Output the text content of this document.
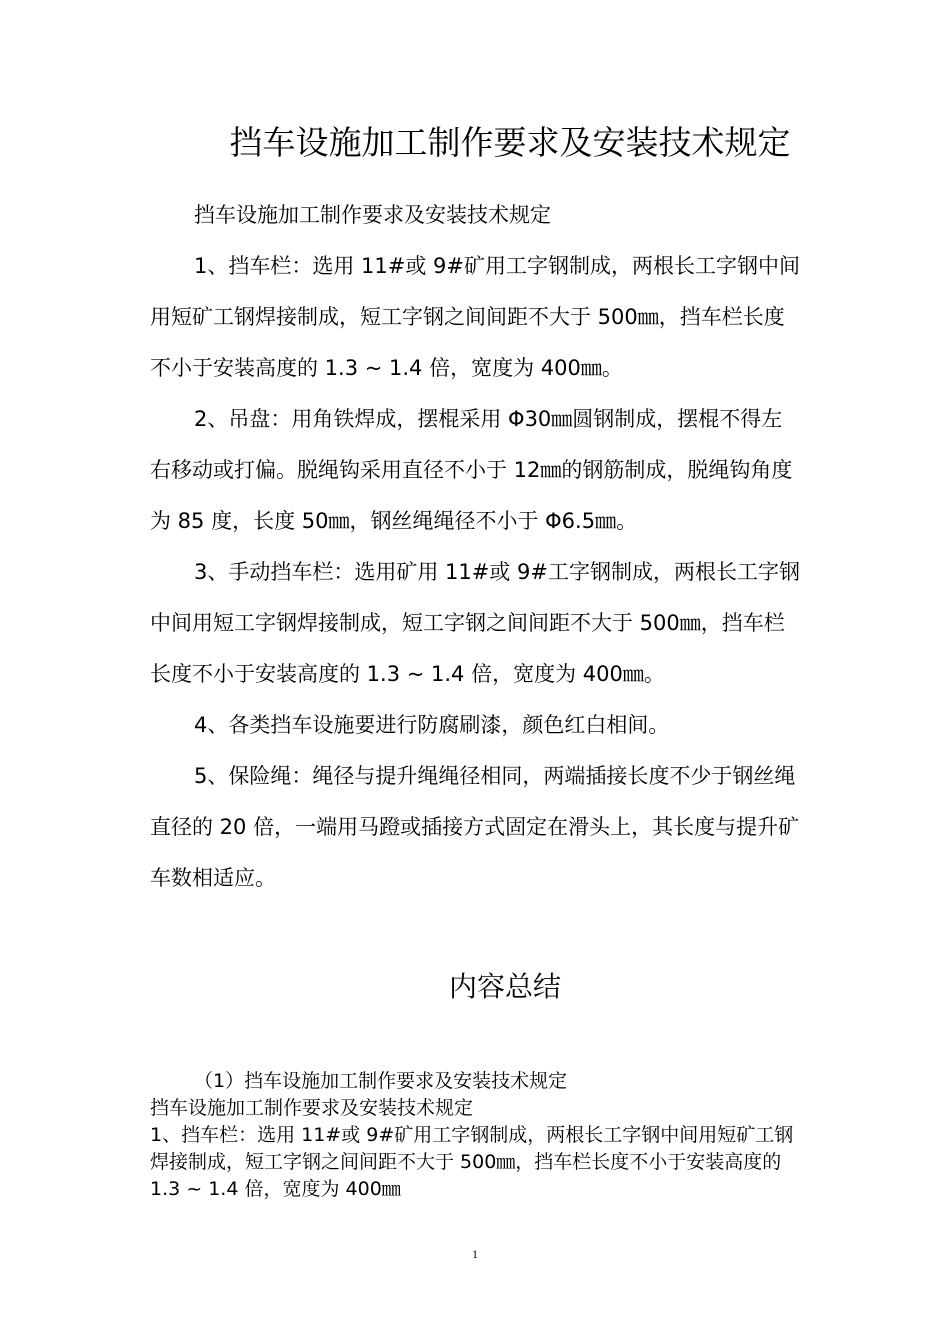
挡车设施加工制作要求及安装技术规定

挡车设施加工制作要求及安装技术规定

1、挡车栏：选用 11#或 9#矿用工字钢制成，两根长工字钢中间用短矿工钢焊接制成，短工字钢之间间距不大于 500㎜，挡车栏长度不小于安装高度的 1.3 ~ 1.4 倍，宽度为 400㎜。

2、吊盘：用角铁焊成，摆棍采用 Φ30㎜圆钢制成，摆棍不得左右移动或打偏。脱绳钩采用直径不小于 12㎜的钢筋制成，脱绳钩角度为 85 度，长度 50㎜，钢丝绳绳径不小于 Φ6.5㎜。

3、手动挡车栏：选用矿用 11#或 9#工字钢制成，两根长工字钢中间用短工字钢焊接制成，短工字钢之间间距不大于 500㎜，挡车栏长度不小于安装高度的 1.3 ~ 1.4 倍，宽度为 400㎜。

4、各类挡车设施要进行防腐刷漆，颜色红白相间。

5、保险绳：绳径与提升绳绳径相同，两端插接长度不少于钢丝绳直径的 20 倍，一端用马蹬或插接方式固定在滑头上，其长度与提升矿车数相适应。

内容总结

（1）挡车设施加工制作要求及安装技术规定

挡车设施加工制作要求及安装技术规定

1、挡车栏：选用 11#或 9#矿用工字钢制成，两根长工字钢中间用短矿工钢焊接制成，短工字钢之间间距不大于 500㎜，挡车栏长度不小于安装高度的 1.3 ~ 1.4 倍，宽度为 400㎜

1
